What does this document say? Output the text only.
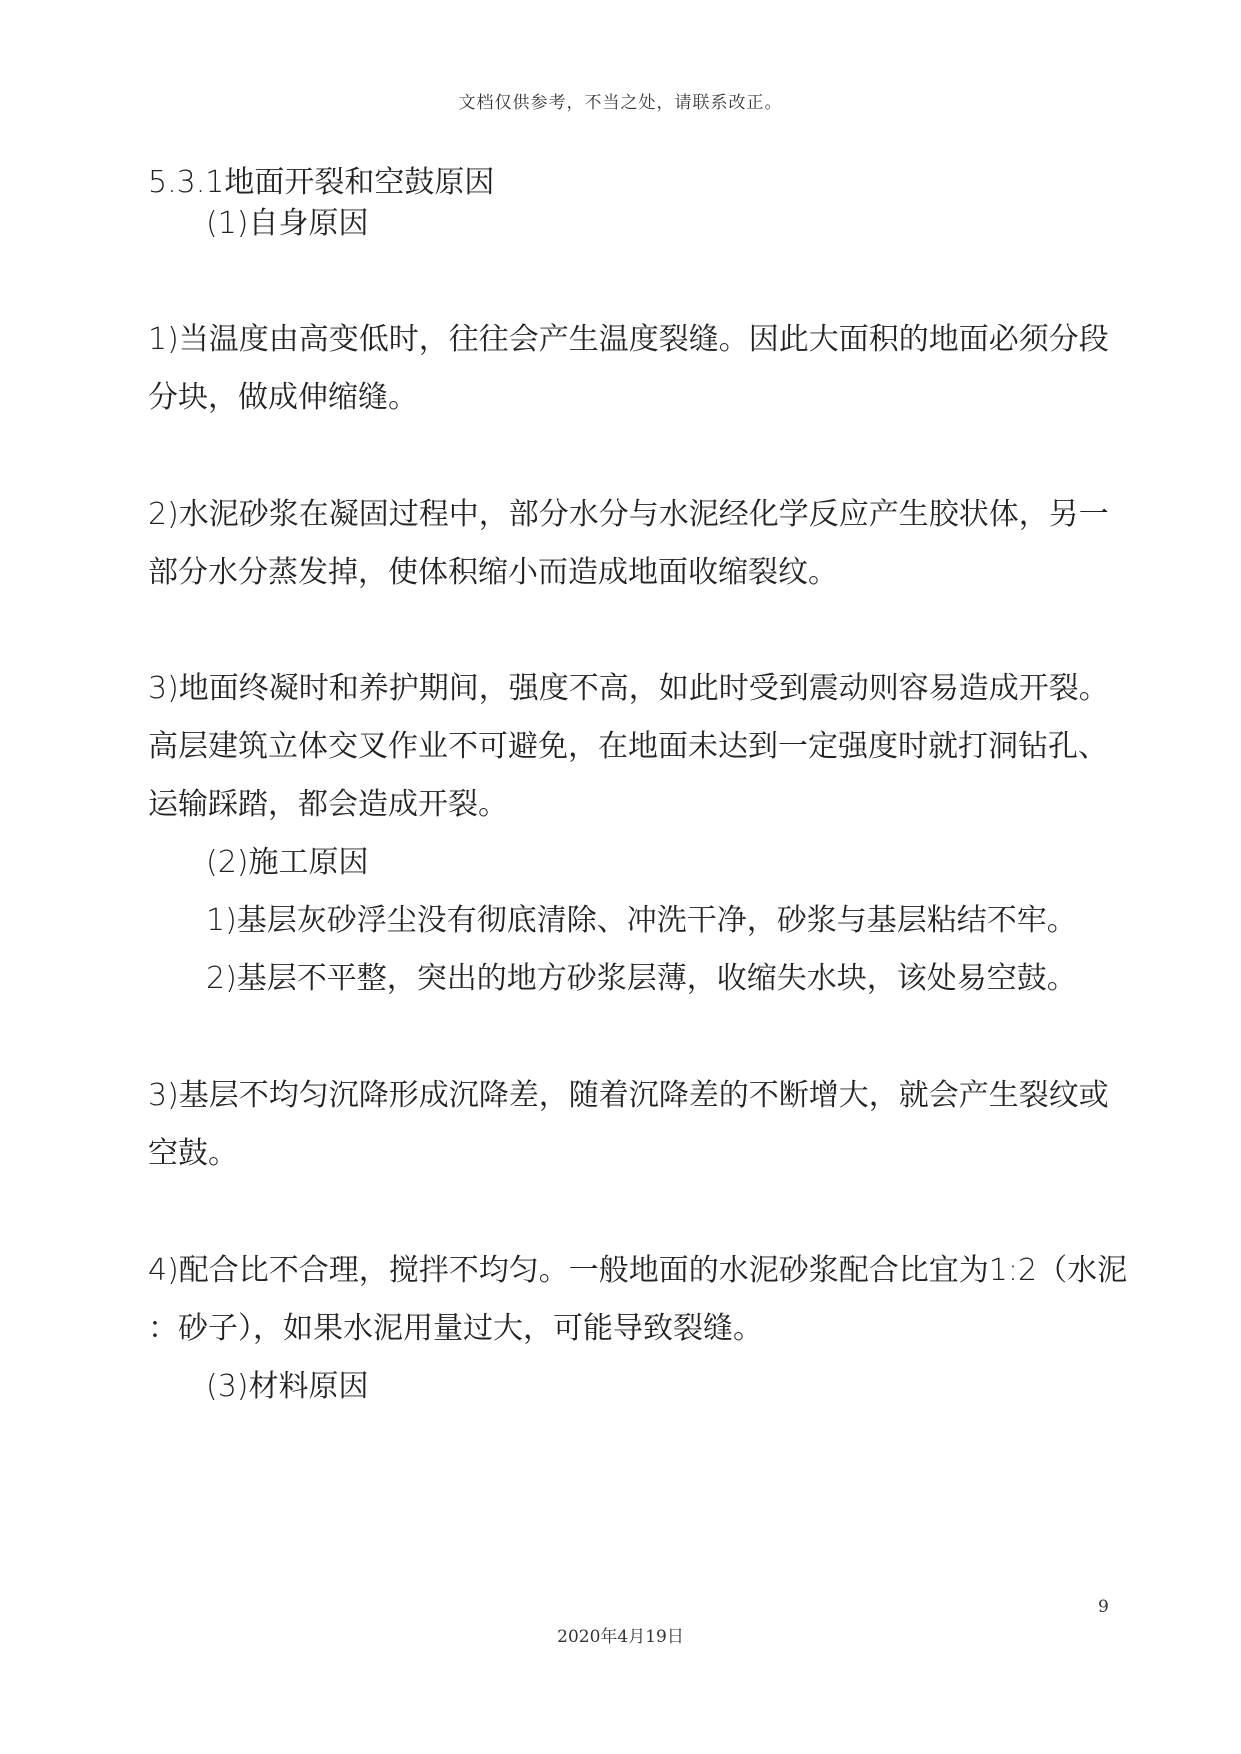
文档仅供参考，不当之处，请联系改正。
5.3.1地面开裂和空鼓原因
(1)自身原因
1)当温度由高变低时，往往会产生温度裂缝。因此大面积的地面必须分段
分块，做成伸缩缝。
2)水泥砂浆在凝固过程中，部分水分与水泥经化学反应产生胶状体，另一
部分水分蒸发掉，使体积缩小而造成地面收缩裂纹。
3)地面终凝时和养护期间，强度不高，如此时受到震动则容易造成开裂。
高层建筑立体交叉作业不可避免，在地面未达到一定强度时就打洞钻孔、
运输踩踏，都会造成开裂。
(2)施工原因
1)基层灰砂浮尘没有彻底清除、冲洗干净，砂浆与基层粘结不牢。
2)基层不平整，突出的地方砂浆层薄，收缩失水块，该处易空鼓。
3)基层不均匀沉降形成沉降差，随着沉降差的不断增大，就会产生裂纹或
空鼓。
4)配合比不合理，搅拌不均匀。一般地面的水泥砂浆配合比宜为1:2（水泥
：砂子），如果水泥用量过大，可能导致裂缝。
(3)材料原因
9
2020年4月19日
